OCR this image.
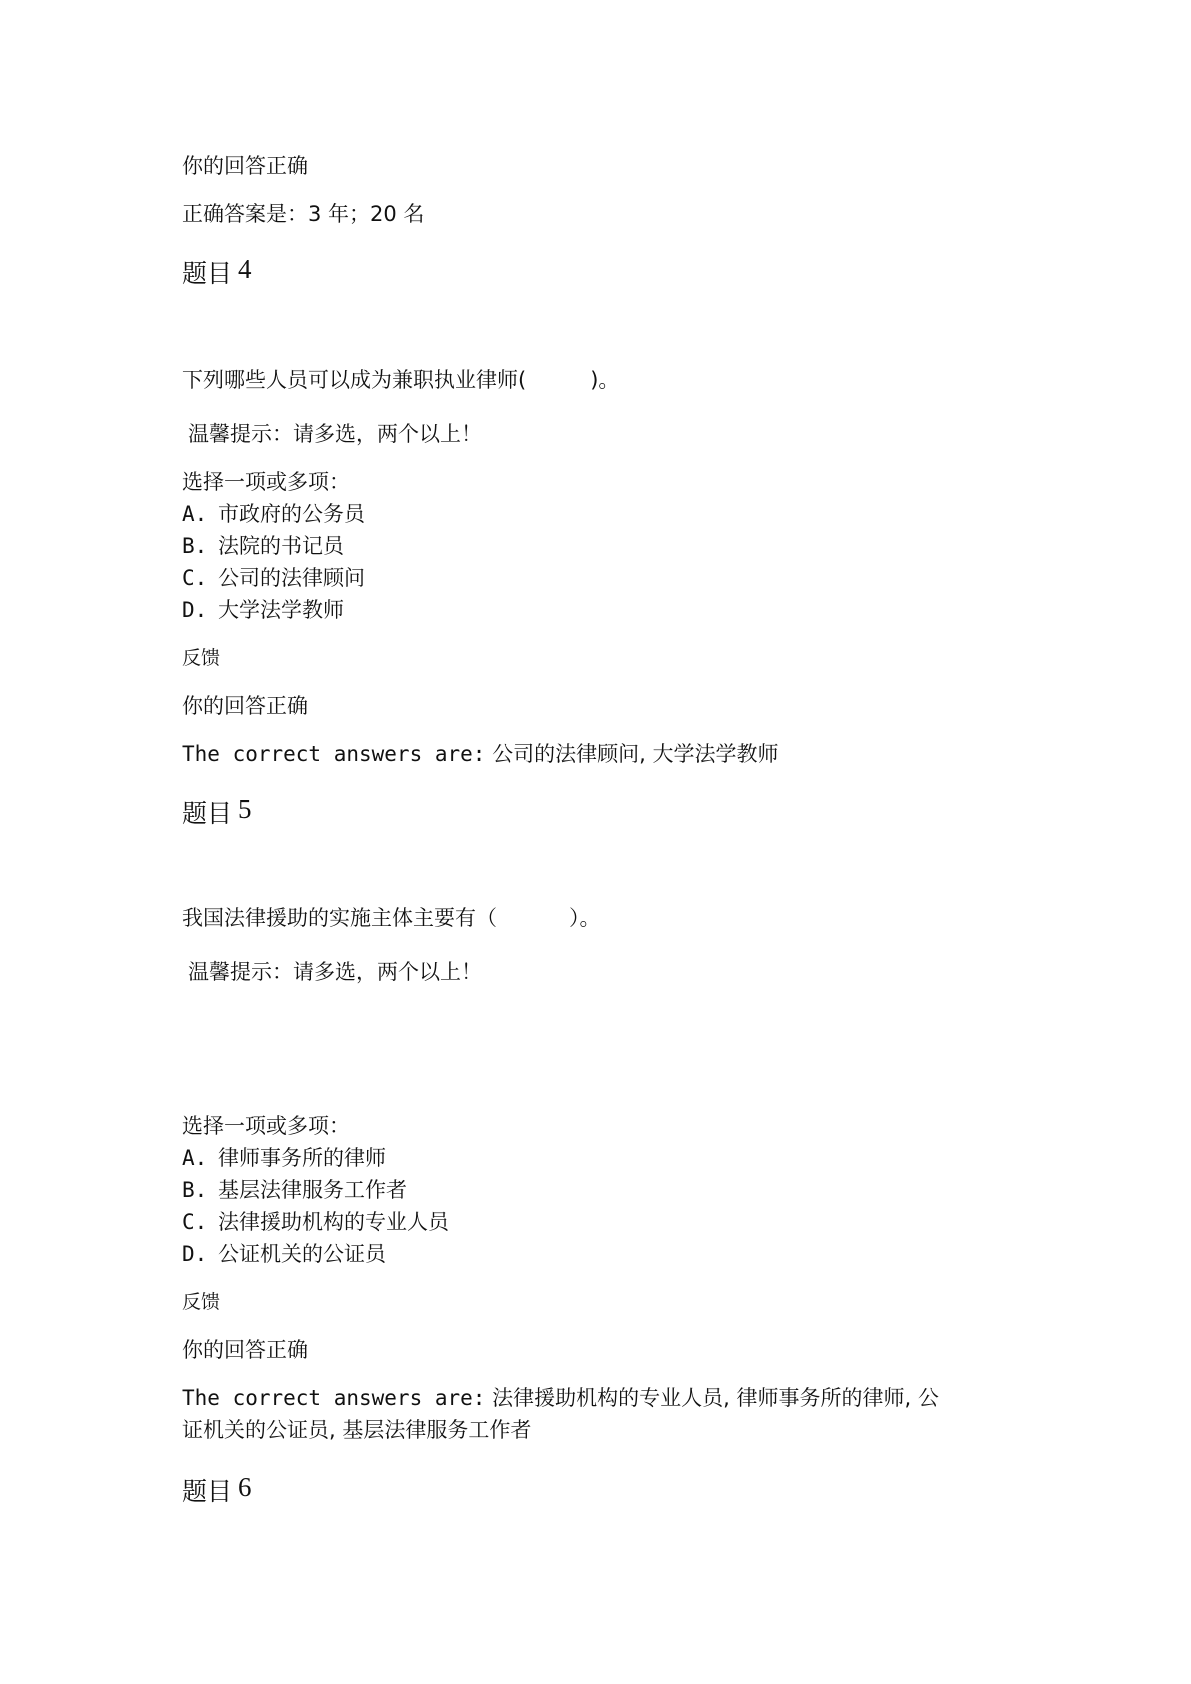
你的回答正确
正确答案是：3 年；20 名
题目 4
下列哪些人员可以成为兼职执业律师(	)。
温馨提示：请多选，两个以上！
选择一项或多项：
A. 市政府的公务员
B. 法院的书记员
C. 公司的法律顾问
D. 大学法学教师
反馈
你的回答正确
The correct answers are: 公司的法律顾问, 大学法学教师
题目 5
我国法律援助的实施主体主要有（	）。
温馨提示：请多选，两个以上！
选择一项或多项：
A. 律师事务所的律师
B. 基层法律服务工作者
C. 法律援助机构的专业人员
D. 公证机关的公证员
反馈
你的回答正确
The correct answers are: 法律援助机构的专业人员, 律师事务所的律师, 公
证机关的公证员, 基层法律服务工作者
题目 6
